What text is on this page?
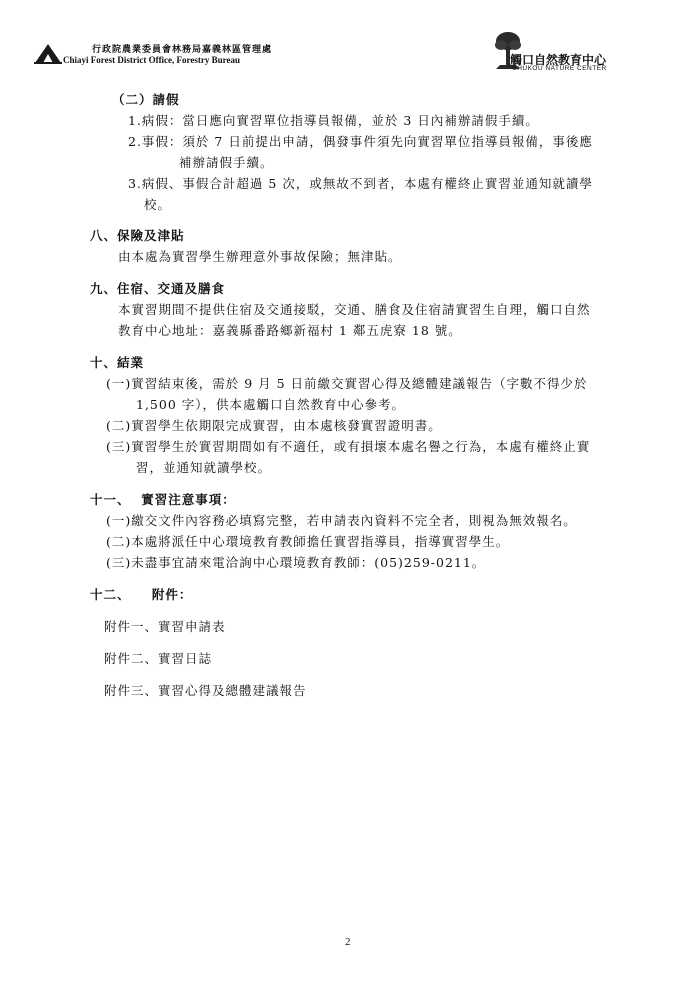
行政院農業委員會林務局嘉義林區管理處
Chiayi Forest District Office, Forestry Bureau	觸口自然教育中心
CHUKOU NATURE CENTER
（二）請假
1.病假：當日應向實習單位指導員報備，並於 3 日內補辦請假手續。
2.事假：須於 7 日前提出申請，偶發事件須先向實習單位指導員報備，事後應
補辦請假手續。
3.病假、事假合計超過 5 次，或無故不到者，本處有權終止實習並通知就讀學
校。
八、保險及津貼
由本處為實習學生辦理意外事故保險；無津貼。
九、住宿、交通及膳食
本實習期間不提供住宿及交通接駁，交通、膳食及住宿請實習生自理，觸口自然
教育中心地址：嘉義縣番路鄉新福村 1 鄰五虎寮 18 號。
十、結業
(一)實習結束後，需於 9 月 5 日前繳交實習心得及總體建議報告（字數不得少於
1,500 字），供本處觸口自然教育中心參考。
(二)實習學生依期限完成實習，由本處核發實習證明書。
(三)實習學生於實習期間如有不適任，或有損壞本處名譽之行為，本處有權終止實
習，並通知就讀學校。
十一、  實習注意事項：
(一)繳交文件內容務必填寫完整，若申請表內資料不完全者，則視為無效報名。
(二)本處將派任中心環境教育教師擔任實習指導員，指導實習學生。
(三)未盡事宜請來電洽詢中心環境教育教師：(05)259-0211。
十二、    附件：
附件一、實習申請表
附件二、實習日誌
附件三、實習心得及總體建議報告
2
